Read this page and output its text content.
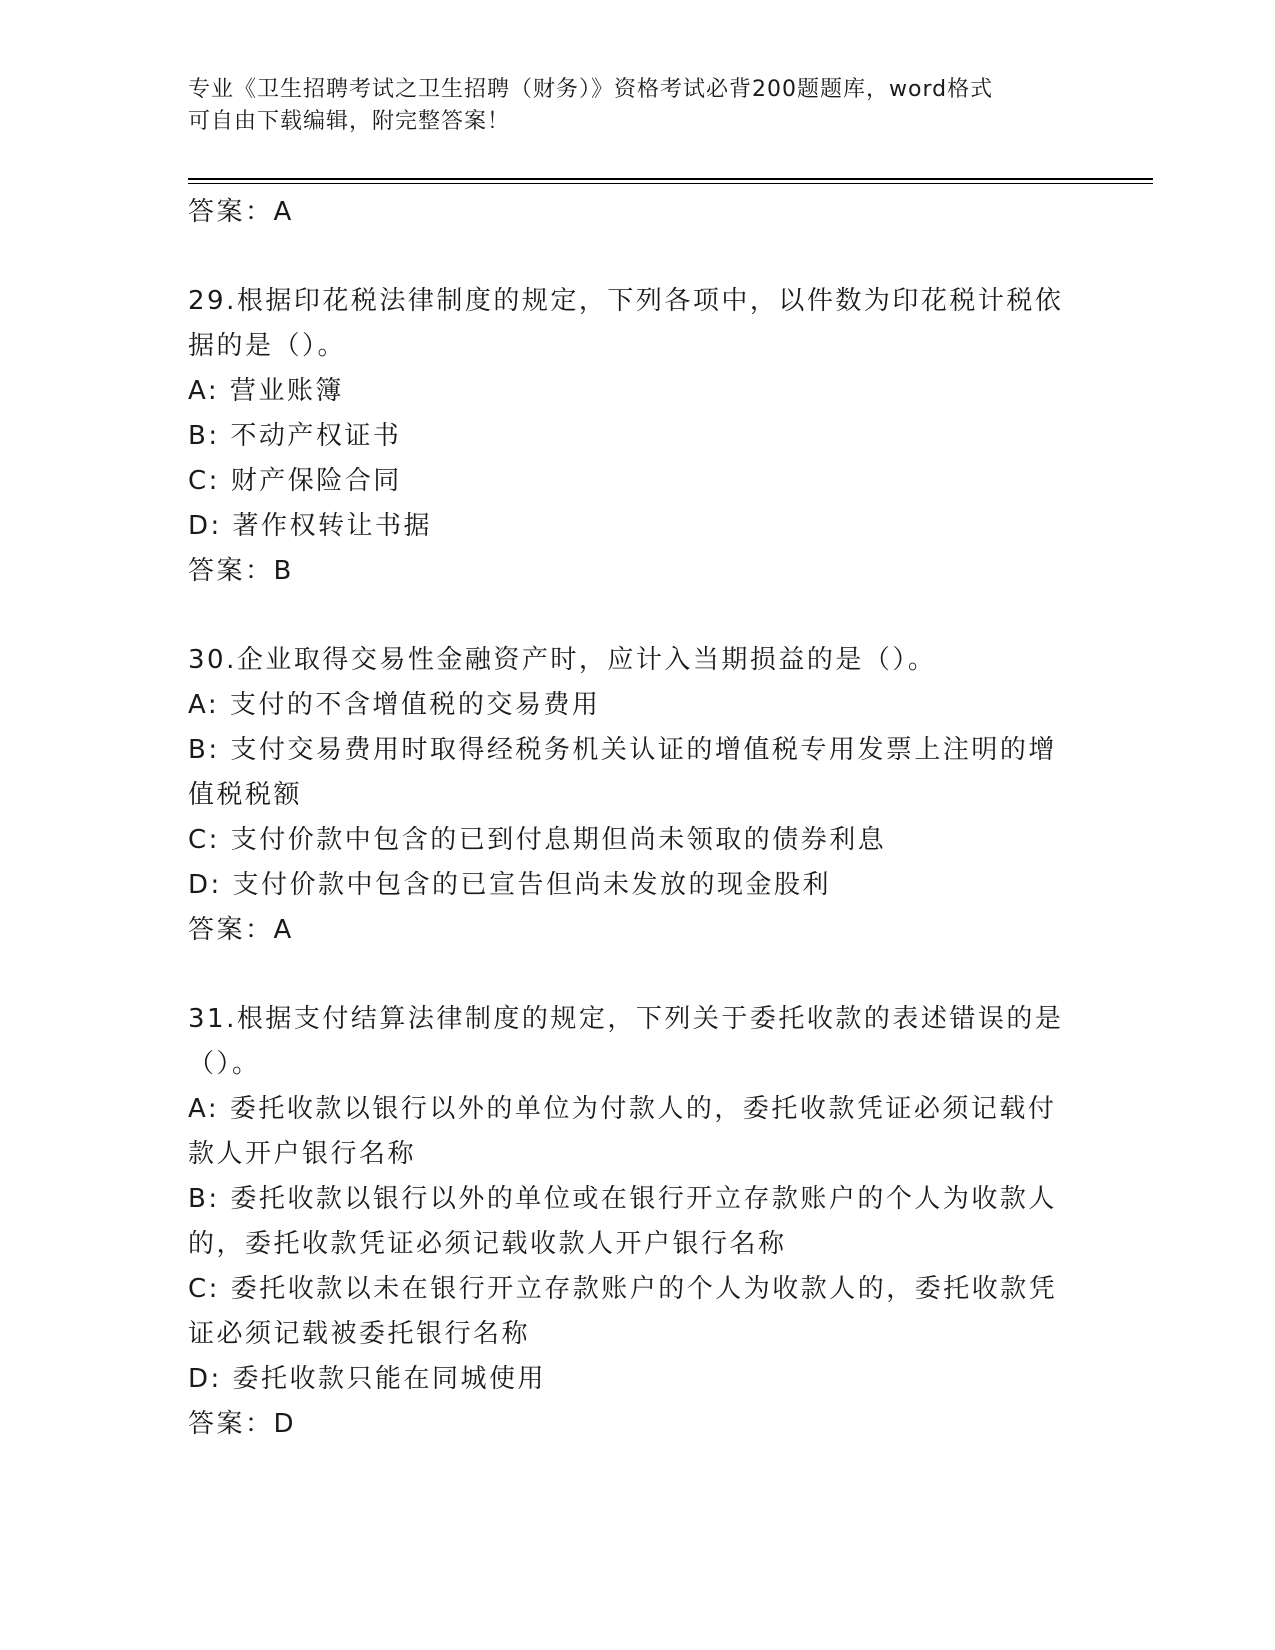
专业《卫生招聘考试之卫生招聘（财务）》资格考试必背200题题库，word格式
可自由下载编辑，附完整答案！

答案：A

29.根据印花税法律制度的规定，下列各项中，以件数为印花税计税依

据的是（）。

A: 营业账簿

B: 不动产权证书

C: 财产保险合同

D: 著作权转让书据

答案：B

30.企业取得交易性金融资产时，应计入当期损益的是（）。

A: 支付的不含增值税的交易费用

B: 支付交易费用时取得经税务机关认证的增值税专用发票上注明的增

值税税额

C: 支付价款中包含的已到付息期但尚未领取的债券利息

D: 支付价款中包含的已宣告但尚未发放的现金股利

答案：A

31.根据支付结算法律制度的规定，下列关于委托收款的表述错误的是

（）。

A: 委托收款以银行以外的单位为付款人的，委托收款凭证必须记载付

款人开户银行名称

B: 委托收款以银行以外的单位或在银行开立存款账户的个人为收款人

的，委托收款凭证必须记载收款人开户银行名称

C: 委托收款以未在银行开立存款账户的个人为收款人的，委托收款凭

证必须记载被委托银行名称

D: 委托收款只能在同城使用

答案：D
